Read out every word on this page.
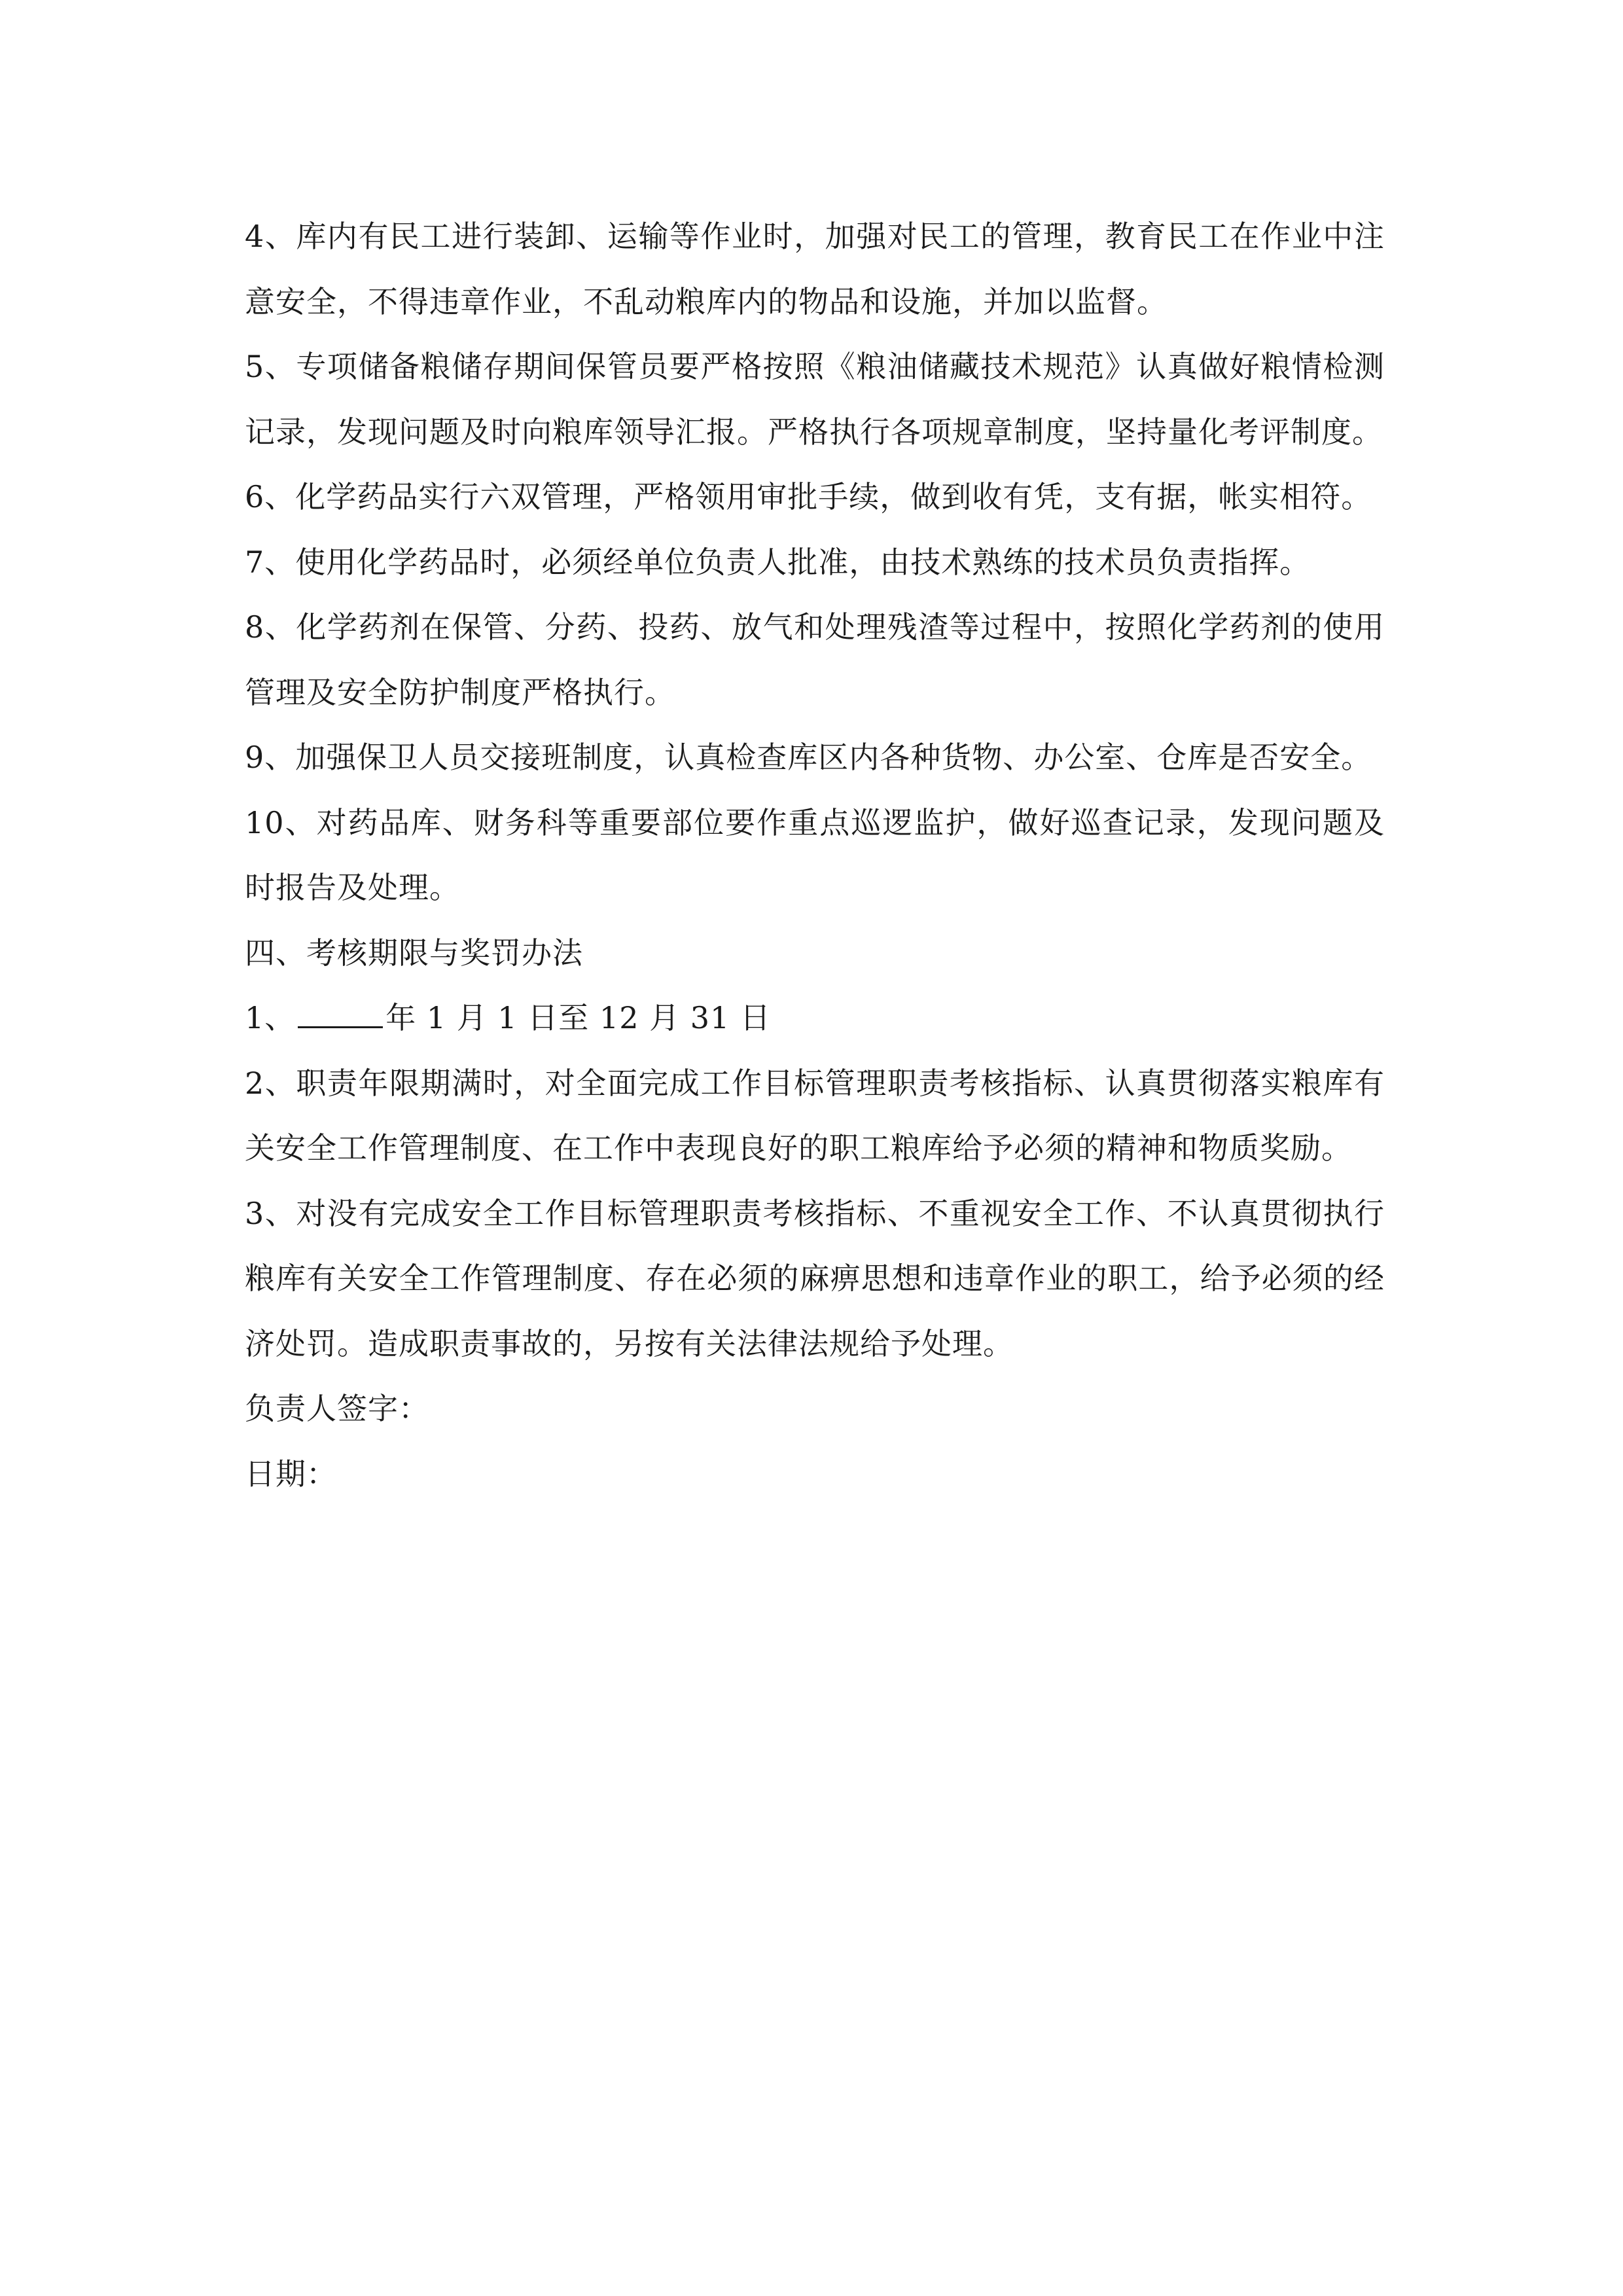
4、库内有民工进行装卸、运输等作业时，加强对民工的管理，教育民工在作业中注意安全，不得违章作业，不乱动粮库内的物品和设施，并加以监督。

5、专项储备粮储存期间保管员要严格按照《粮油储藏技术规范》认真做好粮情检测记录，发现问题及时向粮库领导汇报。严格执行各项规章制度，坚持量化考评制度。

6、化学药品实行六双管理，严格领用审批手续，做到收有凭，支有据，帐实相符。

7、使用化学药品时，必须经单位负责人批准，由技术熟练的技术员负责指挥。

8、化学药剂在保管、分药、投药、放气和处理残渣等过程中，按照化学药剂的使用管理及安全防护制度严格执行。

9、加强保卫人员交接班制度，认真检查库区内各种货物、办公室、仓库是否安全。

10、对药品库、财务科等重要部位要作重点巡逻监护，做好巡查记录，发现问题及时报告及处理。

四、考核期限与奖罚办法

1、	年 1 月 1 日至 12 月 31 日

2、职责年限期满时，对全面完成工作目标管理职责考核指标、认真贯彻落实粮库有关安全工作管理制度、在工作中表现良好的职工粮库给予必须的精神和物质奖励。

3、对没有完成安全工作目标管理职责考核指标、不重视安全工作、不认真贯彻执行粮库有关安全工作管理制度、存在必须的麻痹思想和违章作业的职工，给予必须的经济处罚。造成职责事故的，另按有关法律法规给予处理。

负责人签字：

日期：
